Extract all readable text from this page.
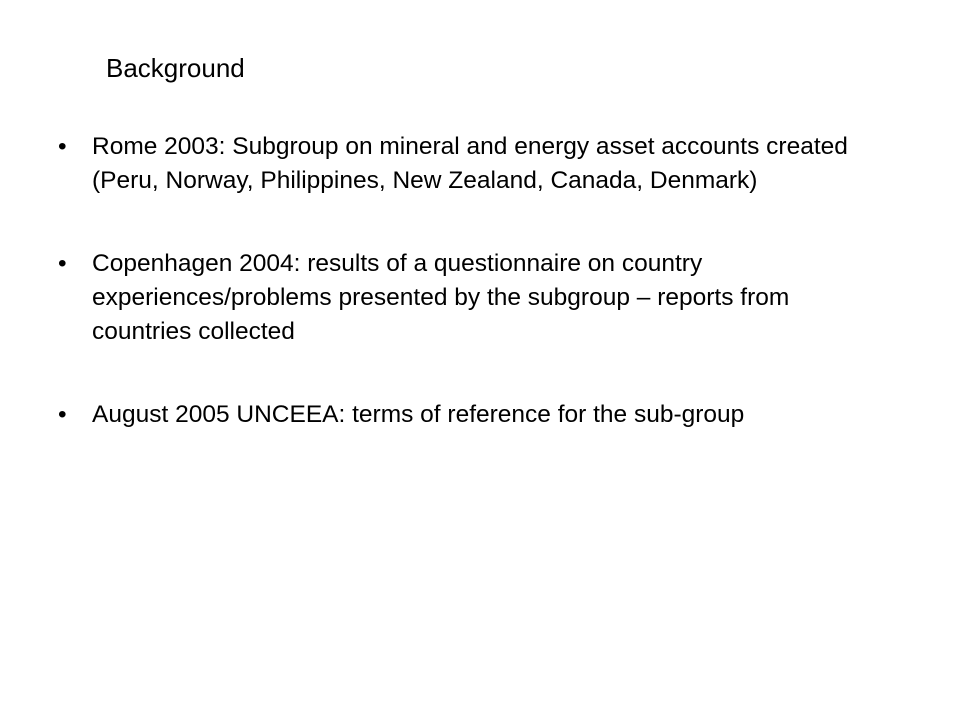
Background
•	Rome 2003: Subgroup on mineral and energy asset accounts created (Peru, Norway, Philippines, New Zealand, Canada, Denmark)
•	Copenhagen 2004: results of a questionnaire on country experiences/problems presented by the subgroup – reports from countries collected
•	August 2005 UNCEEA: terms of reference for the sub-group
